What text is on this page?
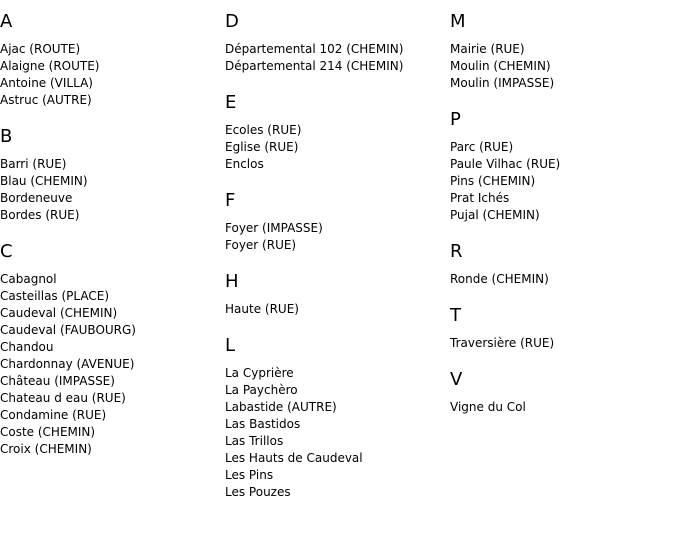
A
Ajac (ROUTE)
Alaigne (ROUTE)
Antoine (VILLA)
Astruc (AUTRE)
B
Barri (RUE)
Blau (CHEMIN)
Bordeneuve
Bordes (RUE)
C
Cabagnol
Casteillas (PLACE)
Caudeval (CHEMIN)
Caudeval (FAUBOURG)
Chandou
Chardonnay (AVENUE)
Château (IMPASSE)
Chateau d eau (RUE)
Condamine (RUE)
Coste (CHEMIN)
Croix (CHEMIN)
D
Départemental 102 (CHEMIN)
Départemental 214 (CHEMIN)
E
Ecoles (RUE)
Eglise (RUE)
Enclos
F
Foyer (IMPASSE)
Foyer (RUE)
H
Haute (RUE)
L
La Cyprière
La Paychèro
Labastide (AUTRE)
Las Bastidos
Las Trillos
Les Hauts de Caudeval
Les Pins
Les Pouzes
M
Mairie (RUE)
Moulin (CHEMIN)
Moulin (IMPASSE)
P
Parc (RUE)
Paule Vilhac (RUE)
Pins (CHEMIN)
Prat Ichés
Pujal (CHEMIN)
R
Ronde (CHEMIN)
T
Traversière (RUE)
V
Vigne du Col
